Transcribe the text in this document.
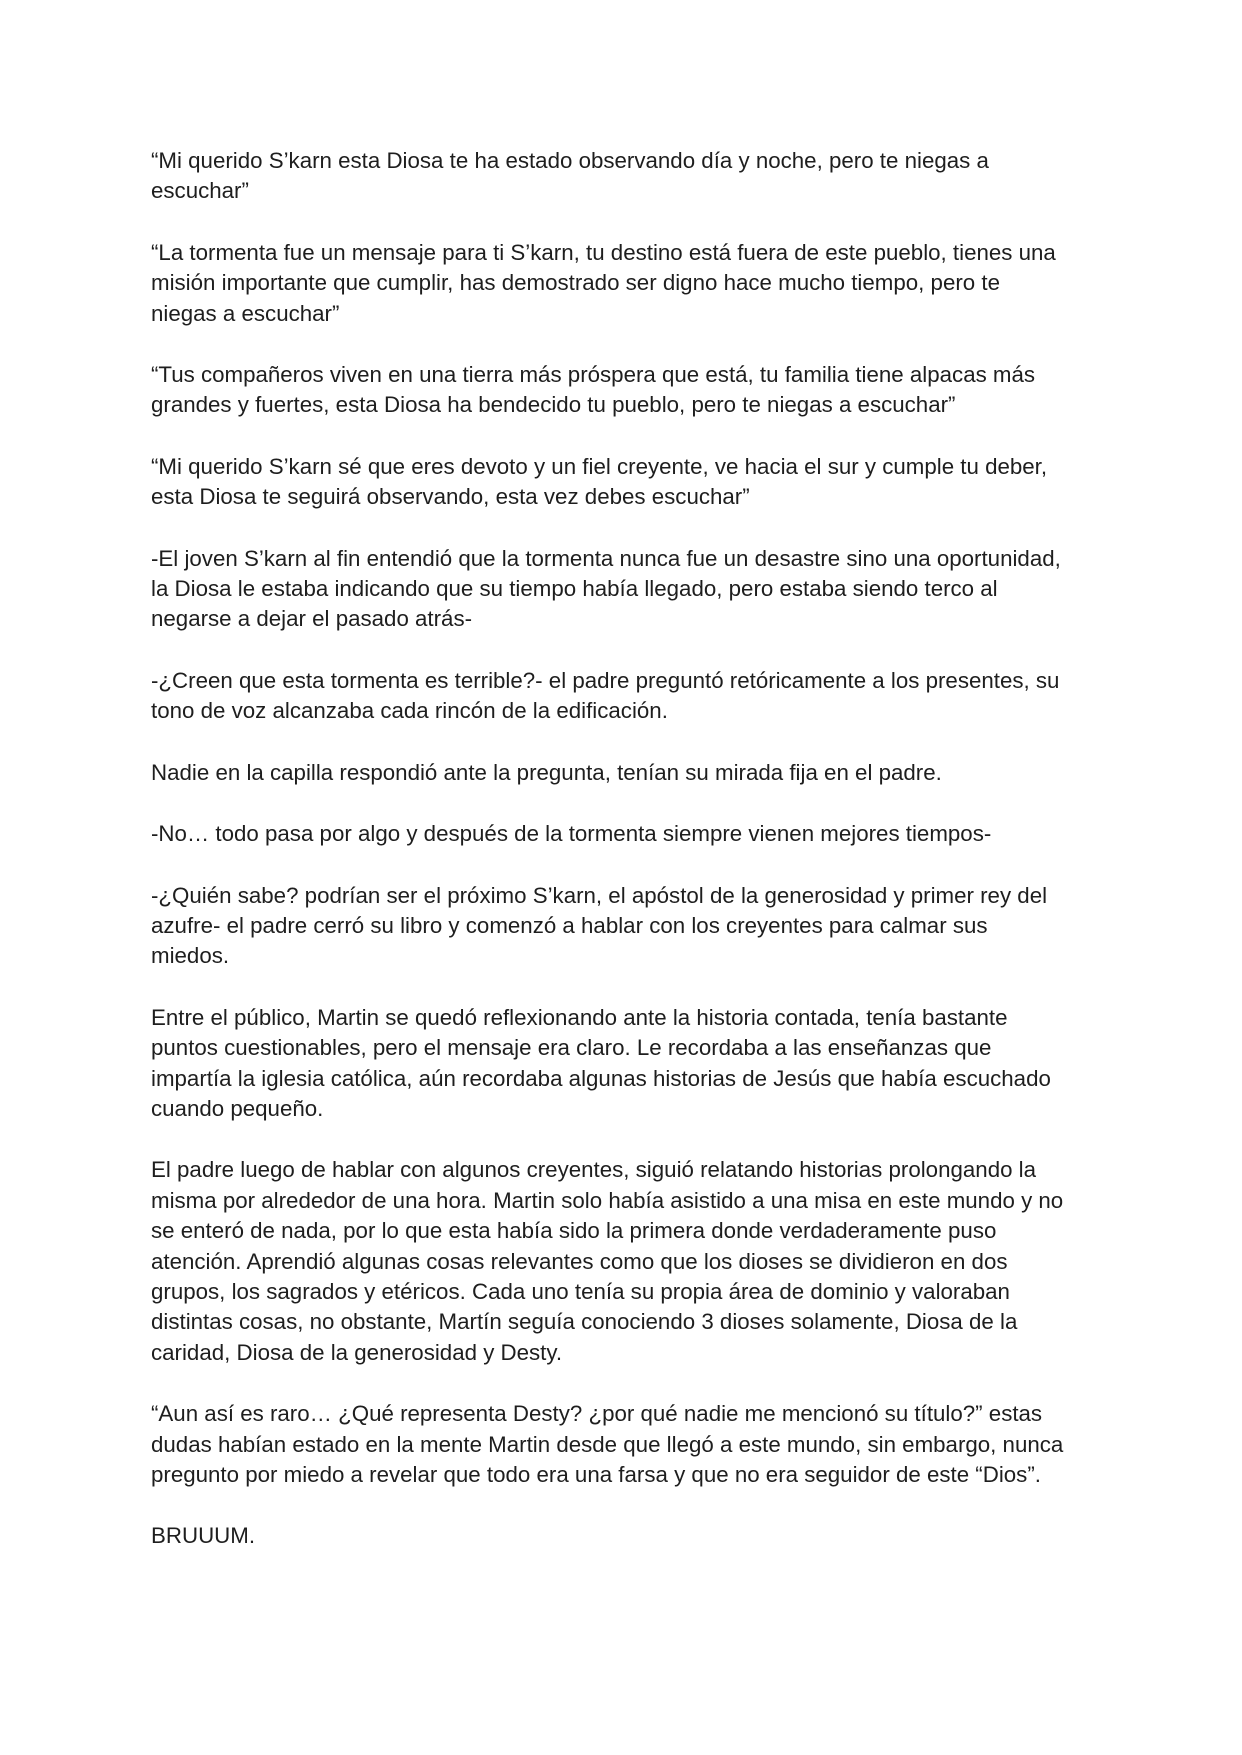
“Mi querido S’karn esta Diosa te ha estado observando día y noche, pero te niegas a
escuchar”

“La tormenta fue un mensaje para ti S’karn, tu destino está fuera de este pueblo, tienes una
misión importante que cumplir, has demostrado ser digno hace mucho tiempo, pero te
niegas a escuchar”

“Tus compañeros viven en una tierra más próspera que está, tu familia tiene alpacas más
grandes y fuertes, esta Diosa ha bendecido tu pueblo, pero te niegas a escuchar”

“Mi querido S’karn sé que eres devoto y un fiel creyente, ve hacia el sur y cumple tu deber,
esta Diosa te seguirá observando, esta vez debes escuchar”

-El joven S’karn al fin entendió que la tormenta nunca fue un desastre sino una oportunidad,
la Diosa le estaba indicando que su tiempo había llegado, pero estaba siendo terco al
negarse a dejar el pasado atrás-

-¿Creen que esta tormenta es terrible?- el padre preguntó retóricamente a los presentes, su
tono de voz alcanzaba cada rincón de la edificación.

Nadie en la capilla respondió ante la pregunta, tenían su mirada fija en el padre.

-No… todo pasa por algo y después de la tormenta siempre vienen mejores tiempos-

-¿Quién sabe? podrían ser el próximo S’karn, el apóstol de la generosidad y primer rey del
azufre- el padre cerró su libro y comenzó a hablar con los creyentes para calmar sus
miedos.

Entre el público, Martin se quedó reflexionando ante la historia contada, tenía bastante
puntos cuestionables, pero el mensaje era claro. Le recordaba a las enseñanzas que
impartía la iglesia católica, aún recordaba algunas historias de Jesús que había escuchado
cuando pequeño.

El padre luego de hablar con algunos creyentes, siguió relatando historias prolongando la
misma por alrededor de una hora. Martin solo había asistido a una misa en este mundo y no
se enteró de nada, por lo que esta había sido la primera donde verdaderamente puso
atención. Aprendió algunas cosas relevantes como que los dioses se dividieron en dos
grupos, los sagrados y etéricos. Cada uno tenía su propia área de dominio y valoraban
distintas cosas, no obstante, Martín seguía conociendo 3 dioses solamente, Diosa de la
caridad, Diosa de la generosidad y Desty.

“Aun así es raro… ¿Qué representa Desty? ¿por qué nadie me mencionó su título?” estas
dudas habían estado en la mente Martin desde que llegó a este mundo, sin embargo, nunca
pregunto por miedo a revelar que todo era una farsa y que no era seguidor de este “Dios”.

BRUUUM.
